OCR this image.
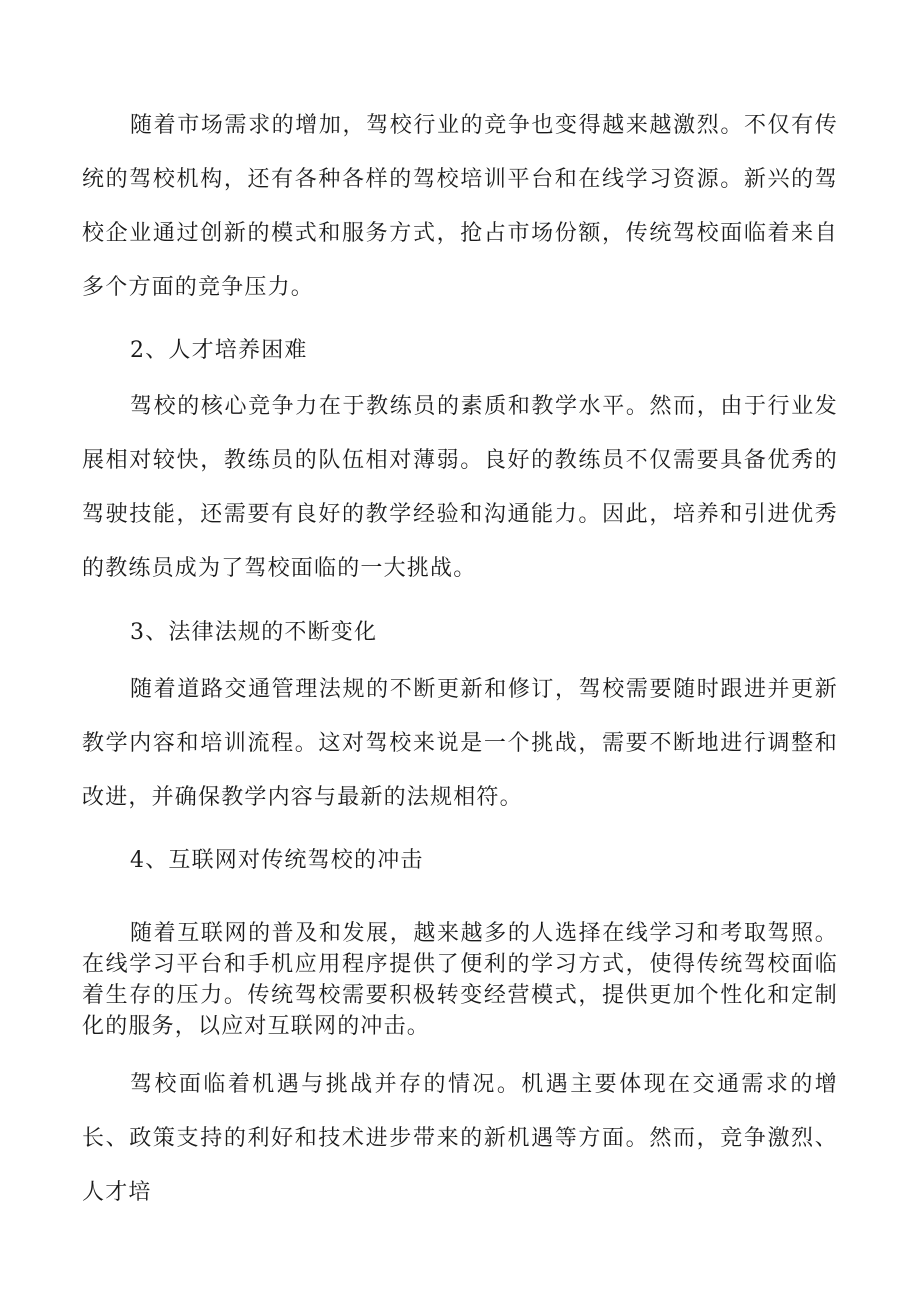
随着市场需求的增加，驾校行业的竞争也变得越来越激烈。不仅有传统的驾校机构，还有各种各样的驾校培训平台和在线学习资源。新兴的驾校企业通过创新的模式和服务方式，抢占市场份额，传统驾校面临着来自多个方面的竞争压力。

2、人才培养困难

驾校的核心竞争力在于教练员的素质和教学水平。然而，由于行业发展相对较快，教练员的队伍相对薄弱。良好的教练员不仅需要具备优秀的驾驶技能，还需要有良好的教学经验和沟通能力。因此，培养和引进优秀的教练员成为了驾校面临的一大挑战。

3、法律法规的不断变化

随着道路交通管理法规的不断更新和修订，驾校需要随时跟进并更新教学内容和培训流程。这对驾校来说是一个挑战，需要不断地进行调整和改进，并确保教学内容与最新的法规相符。

4、互联网对传统驾校的冲击

随着互联网的普及和发展，越来越多的人选择在线学习和考取驾照。在线学习平台和手机应用程序提供了便利的学习方式，使得传统驾校面临着生存的压力。传统驾校需要积极转变经营模式，提供更加个性化和定制化的服务，以应对互联网的冲击。

驾校面临着机遇与挑战并存的情况。机遇主要体现在交通需求的增长、政策支持的利好和技术进步带来的新机遇等方面。然而，竞争激烈、人才培
